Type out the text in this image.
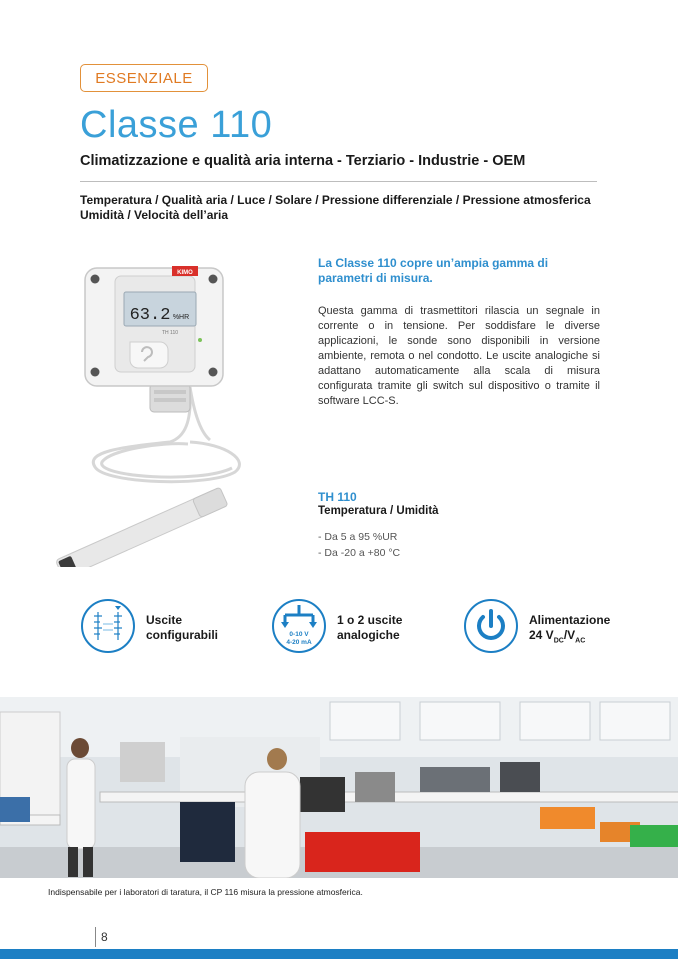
ESSENZIALE
Classe 110
Climatizzazione e qualità aria interna - Terziario - Industrie - OEM
Temperatura / Qualità aria / Luce / Solare / Pressione differenziale / Pressione atmosferica Umidità / Velocità dell’aria
KIMO
63.2 %HR
TH 110
La Classe 110 copre un’ampia gamma di parametri di misura.
Questa gamma di trasmettitori rilascia un segnale in corrente o in tensione. Per soddisfare le diverse applicazioni, le sonde sono disponibili in versione ambiente, remota o nel condotto. Le uscite analogiche si adattano automaticamente alla scala di misura configurata tramite gli switch sul dispositivo o tramite il software LCC-S.
TH 110
Temperatura / Umidità
- Da 5 a 95 %UR
- Da -20 a +80 °C
Uscite
configurabili	0-10 V
4-20 mA
1 o 2 uscite
analogiche
Alimentazione
24 $V_{DC}/V_{AC}$
Indispensabile per i laboratori di taratura, il CP 116 misura la pressione atmosferica.
8
